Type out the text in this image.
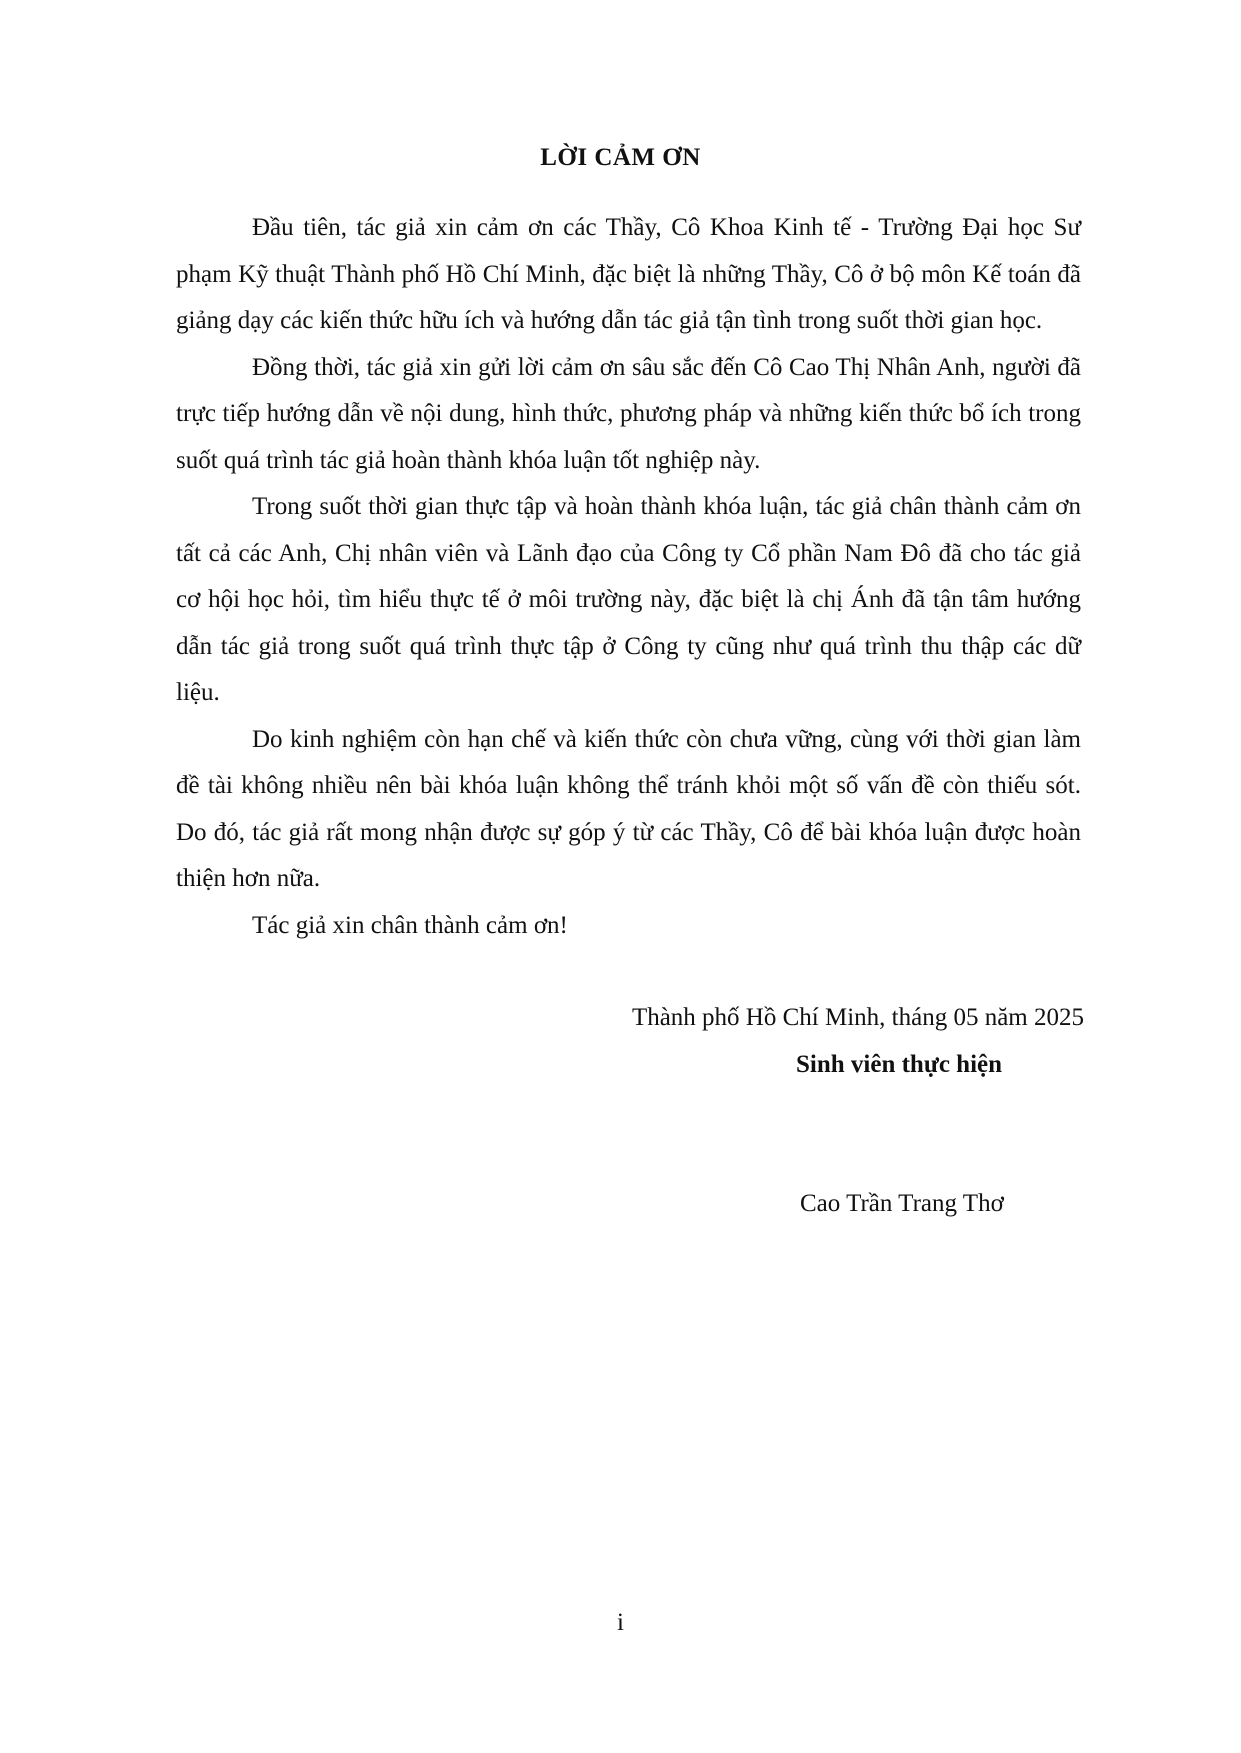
LỜI CẢM ƠN

Đầu tiên, tác giả xin cảm ơn các Thầy, Cô Khoa Kinh tế - Trường Đại học Sư phạm Kỹ thuật Thành phố Hồ Chí Minh, đặc biệt là những Thầy, Cô ở bộ môn Kế toán đã giảng dạy các kiến thức hữu ích và hướng dẫn tác giả tận tình trong suốt thời gian học.

Đồng thời, tác giả xin gửi lời cảm ơn sâu sắc đến Cô Cao Thị Nhân Anh, người đã trực tiếp hướng dẫn về nội dung, hình thức, phương pháp và những kiến thức bổ ích trong suốt quá trình tác giả hoàn thành khóa luận tốt nghiệp này.

Trong suốt thời gian thực tập và hoàn thành khóa luận, tác giả chân thành cảm ơn tất cả các Anh, Chị nhân viên và Lãnh đạo của Công ty Cổ phần Nam Đô đã cho tác giả cơ hội học hỏi, tìm hiểu thực tế ở môi trường này, đặc biệt là chị Ánh đã tận tâm hướng dẫn tác giả trong suốt quá trình thực tập ở Công ty cũng như quá trình thu thập các dữ liệu.

Do kinh nghiệm còn hạn chế và kiến thức còn chưa vững, cùng với thời gian làm đề tài không nhiều nên bài khóa luận không thể tránh khỏi một số vấn đề còn thiếu sót. Do đó, tác giả rất mong nhận được sự góp ý từ các Thầy, Cô để bài khóa luận được hoàn thiện hơn nữa.

Tác giả xin chân thành cảm ơn!

Thành phố Hồ Chí Minh, tháng 05 năm 2025
Sinh viên thực hiện
Cao Trần Trang Thơ
i
